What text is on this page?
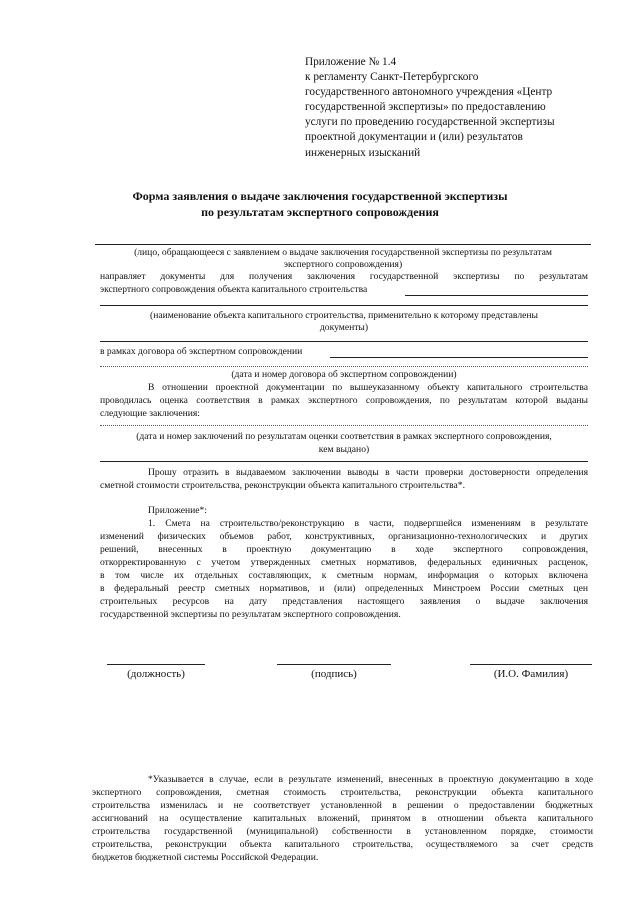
Приложение № 1.4
к регламенту Санкт-Петербургского
государственного автономного учреждения «Центр
государственной экспертизы» по предоставлению
услуги по проведению государственной экспертизы
проектной документации и (или) результатов
инженерных изысканий
Форма заявления о выдаче заключения государственной экспертизы
по результатам экспертного сопровождения
(лицо, обращающееся с заявлением о выдаче заключения государственной экспертизы по результатам
экспертного сопровождения)
направляет документы для получения заключения государственной экспертизы по результатам
экспертного сопровождения объекта капитального строительства
(наименование объекта капитального строительства, применительно к которому представлены
документы)
в рамках договора об экспертном сопровождении
(дата и номер договора об экспертном сопровождении)
В отношении проектной документации по вышеуказанному объекту капитального строительства
проводилась оценка соответствия в рамках экспертного сопровождения, по результатам которой выданы
следующие заключения:
(дата и номер заключений по результатам оценки соответствия в рамках экспертного сопровождения,
кем выдано)
Прошу отразить в выдаваемом заключении выводы в части проверки достоверности определения
сметной стоимости строительства, реконструкции объекта капитального строительства*.
Приложение*:
1. Смета на строительство/реконструкцию в части, подвергшейся изменениям в результате
изменений физических объемов работ, конструктивных, организационно-технологических и других
решений, внесенных в проектную документацию в ходе экспертного сопровождения,
откорректированную с учетом утвержденных сметных нормативов, федеральных единичных расценок,
в том числе их отдельных составляющих, к сметным нормам, информация о которых включена
в федеральный реестр сметных нормативов, и (или) определенных Минстроем России сметных цен
строительных ресурсов на дату представления настоящего заявления о выдаче заключения
государственной экспертизы по результатам экспертного сопровождения.
(должность)	(подпись)	(И.О. Фамилия)
*Указывается в случае, если в результате изменений, внесенных в проектную документацию в ходе
экспертного сопровождения, сметная стоимость строительства, реконструкции объекта капитального
строительства изменилась и не соответствует установленной в решении о предоставлении бюджетных
ассигнований на осуществление капитальных вложений, принятом в отношении объекта капитального
строительства государственной (муниципальной) собственности в установленном порядке, стоимости
строительства, реконструкции объекта капитального строительства, осуществляемого за счет средств
бюджетов бюджетной системы Российской Федерации.
